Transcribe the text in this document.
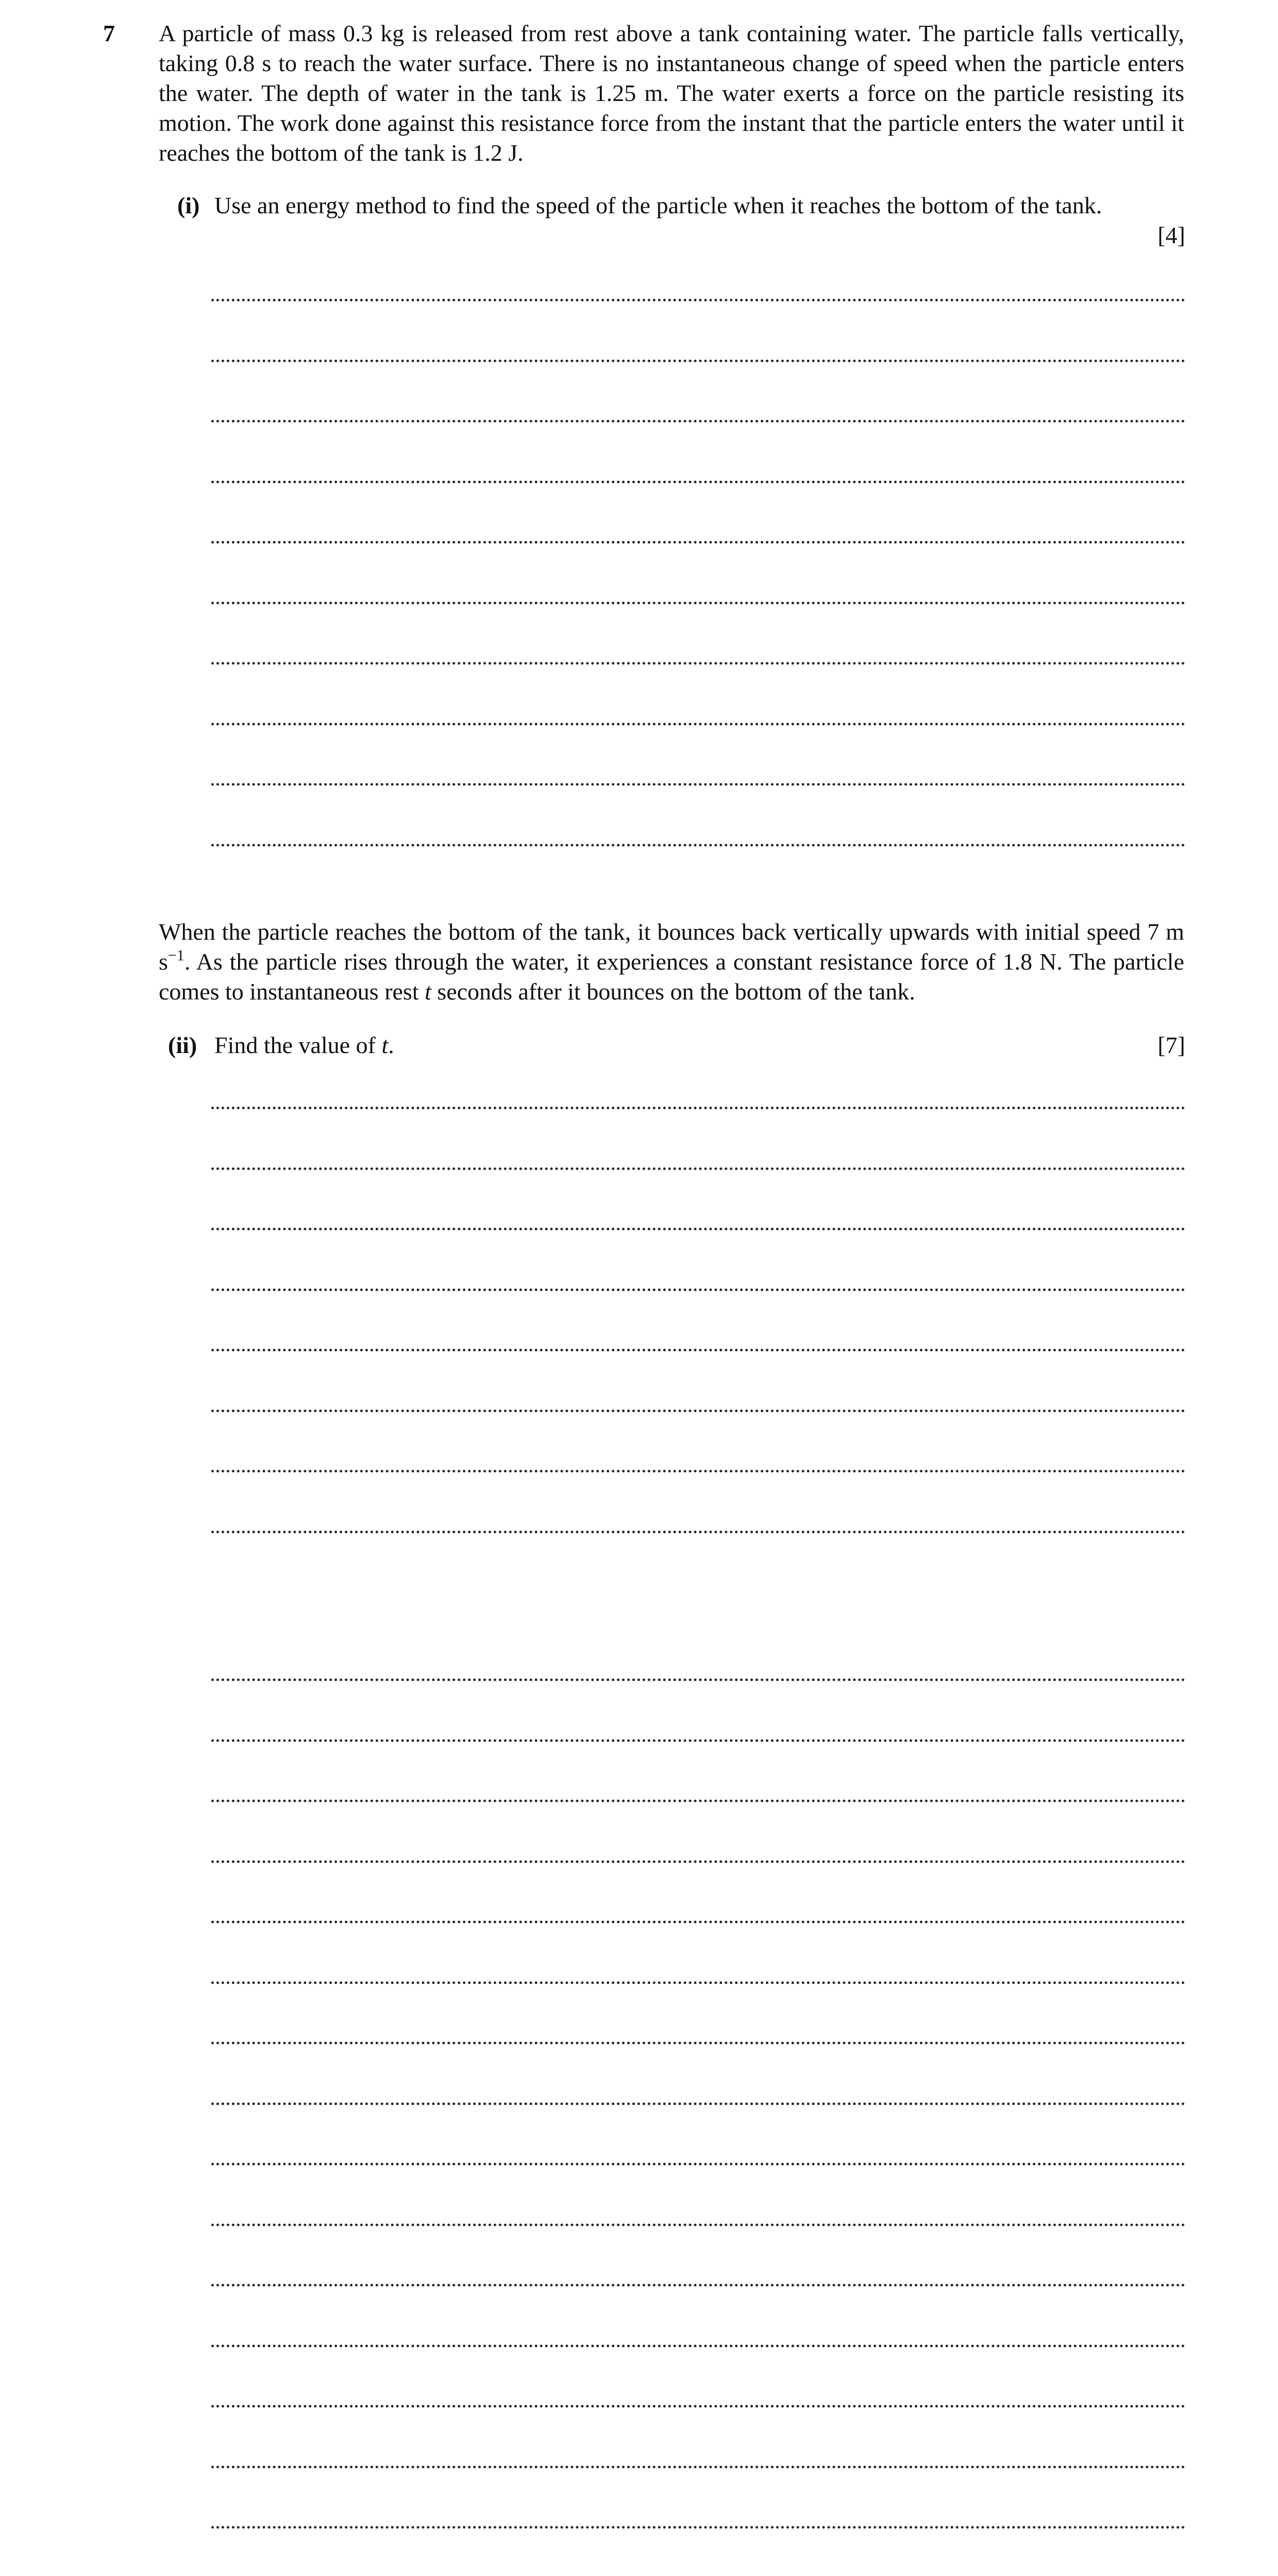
7 A particle of mass 0.3 kg is released from rest above a tank containing water. The particle falls vertically, taking 0.8 s to reach the water surface. There is no instantaneous change of speed when the particle enters the water. The depth of water in the tank is 1.25 m. The water exerts a force on the particle resisting its motion. The work done against this resistance force from the instant that the particle enters the water until it reaches the bottom of the tank is 1.2 J.

(i) Use an energy method to find the speed of the particle when it reaches the bottom of the tank.
[4]

When the particle reaches the bottom of the tank, it bounces back vertically upwards with initial speed 7 m $s^{-1}$. As the particle rises through the water, it experiences a constant resistance force of 1.8 N. The particle comes to instantaneous rest t seconds after it bounces on the bottom of the tank.

(ii) Find the value of t.	[7]
